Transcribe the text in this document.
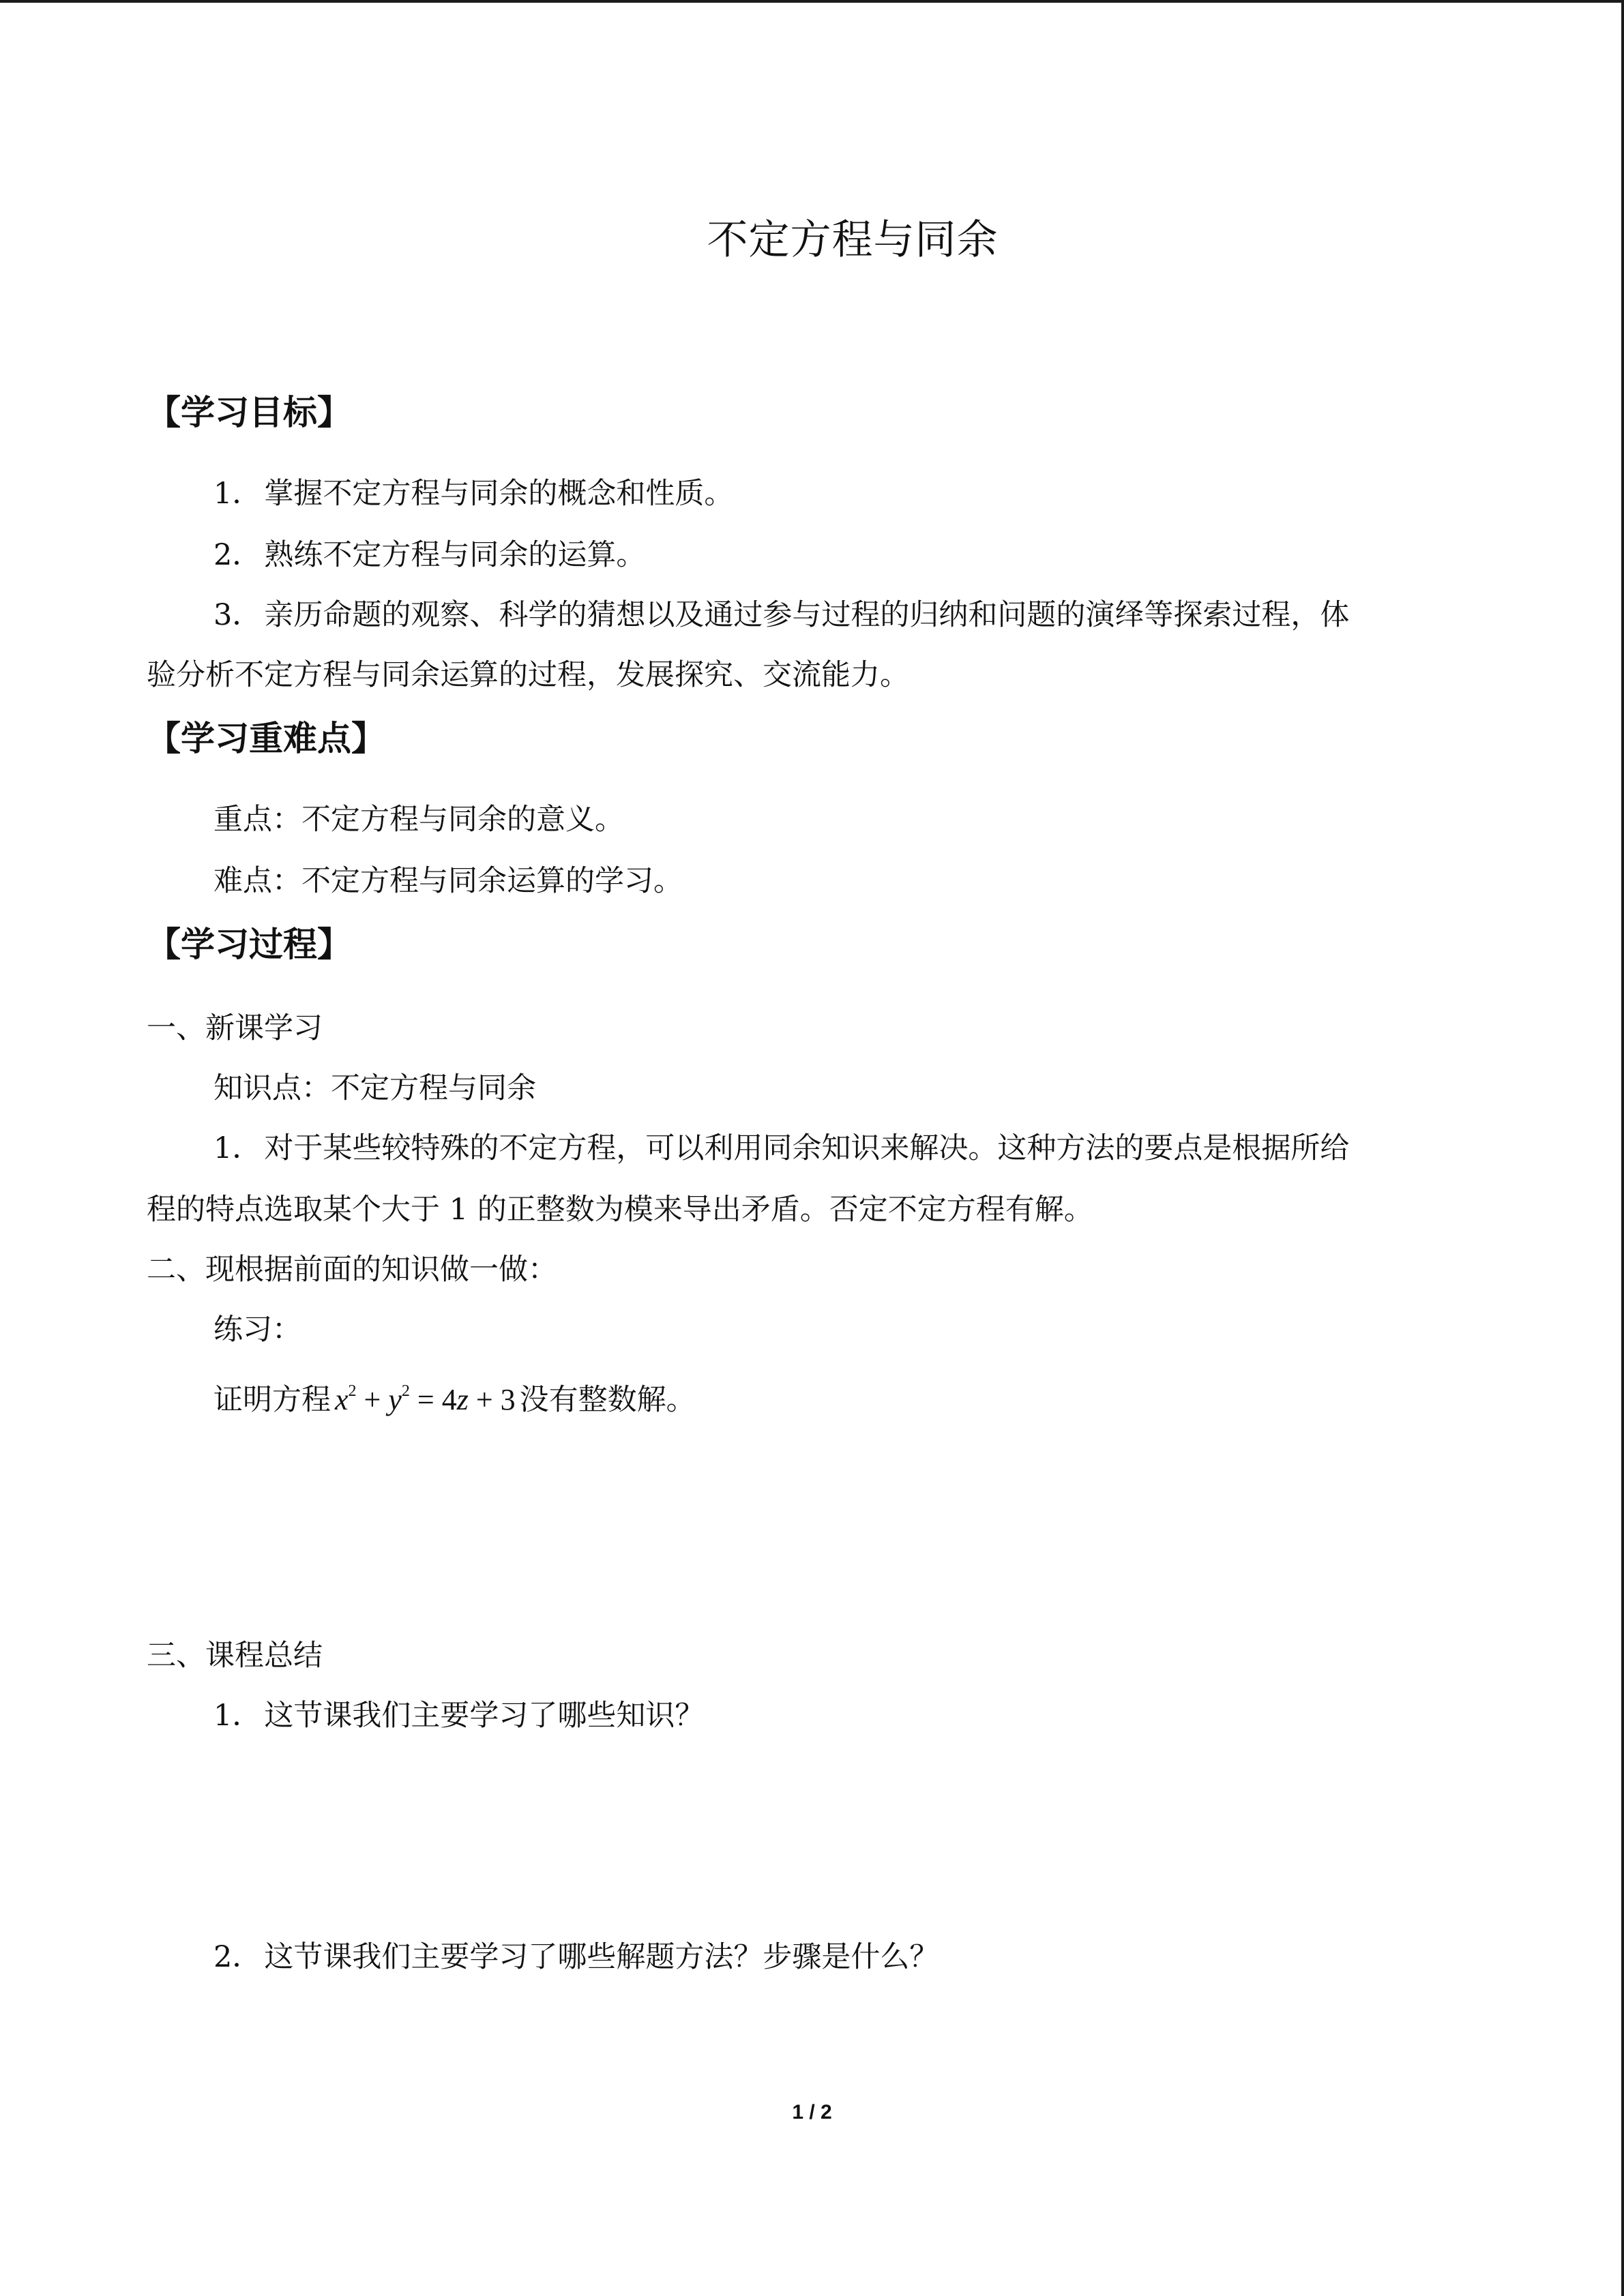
不定方程与同余
【学习目标】
1．掌握不定方程与同余的概念和性质。
2．熟练不定方程与同余的运算。
3．亲历命题的观察、科学的猜想以及通过参与过程的归纳和问题的演绎等探索过程，体
验分析不定方程与同余运算的过程，发展探究、交流能力。
【学习重难点】
重点：不定方程与同余的意义。
难点：不定方程与同余运算的学习。
【学习过程】
一、新课学习
知识点：不定方程与同余
1．对于某些较特殊的不定方程，可以利用同余知识来解决。这种方法的要点是根据所给
程的特点选取某个大于 1 的正整数为模来导出矛盾。否定不定方程有解。
二、现根据前面的知识做一做：
练习：
证明方程 $x^2 + y^2 = 4z + 3$ 没有整数解。
三、课程总结
1．这节课我们主要学习了哪些知识？
2．这节课我们主要学习了哪些解题方法？步骤是什么？
1 / 2
